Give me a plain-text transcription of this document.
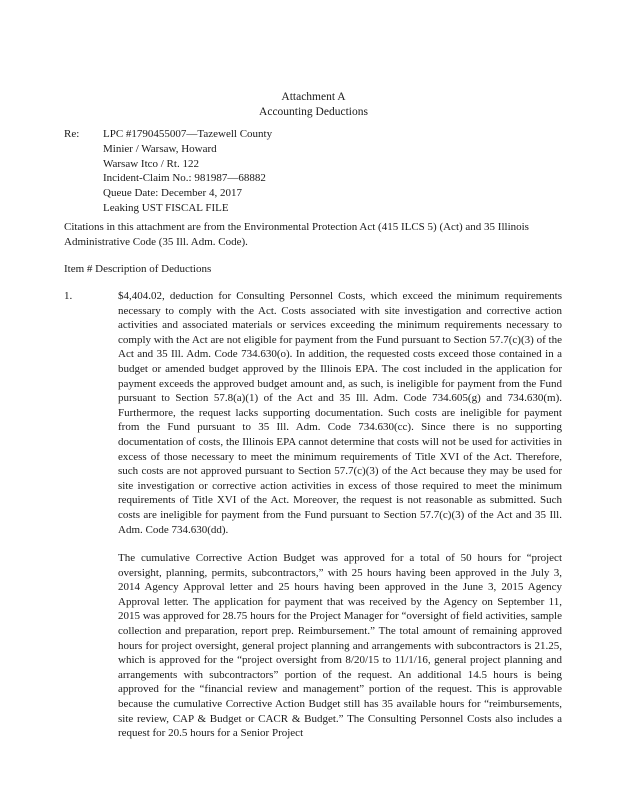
Attachment A
Accounting Deductions
Re: LPC #1790455007—Tazewell County
Minier / Warsaw, Howard
Warsaw Itco / Rt. 122
Incident-Claim No.: 981987—68882
Queue Date: December 4, 2017
Leaking UST FISCAL FILE
Citations in this attachment are from the Environmental Protection Act (415 ILCS 5) (Act) and 35 Illinois Administrative Code (35 Ill. Adm. Code).
Item # Description of Deductions
1.	$4,404.02, deduction for Consulting Personnel Costs, which exceed the minimum requirements necessary to comply with the Act. Costs associated with site investigation and corrective action activities and associated materials or services exceeding the minimum requirements necessary to comply with the Act are not eligible for payment from the Fund pursuant to Section 57.7(c)(3) of the Act and 35 Ill. Adm. Code 734.630(o). In addition, the requested costs exceed those contained in a budget or amended budget approved by the Illinois EPA. The cost included in the application for payment exceeds the approved budget amount and, as such, is ineligible for payment from the Fund pursuant to Section 57.8(a)(1) of the Act and 35 Ill. Adm. Code 734.605(g) and 734.630(m). Furthermore, the request lacks supporting documentation. Such costs are ineligible for payment from the Fund pursuant to 35 Ill. Adm. Code 734.630(cc). Since there is no supporting documentation of costs, the Illinois EPA cannot determine that costs will not be used for activities in excess of those necessary to meet the minimum requirements of Title XVI of the Act. Therefore, such costs are not approved pursuant to Section 57.7(c)(3) of the Act because they may be used for site investigation or corrective action activities in excess of those required to meet the minimum requirements of Title XVI of the Act. Moreover, the request is not reasonable as submitted. Such costs are ineligible for payment from the Fund pursuant to Section 57.7(c)(3) of the Act and 35 Ill. Adm. Code 734.630(dd).
The cumulative Corrective Action Budget was approved for a total of 50 hours for “project oversight, planning, permits, subcontractors,” with 25 hours having been approved in the July 3, 2014 Agency Approval letter and 25 hours having been approved in the June 3, 2015 Agency Approval letter. The application for payment that was received by the Agency on September 11, 2015 was approved for 28.75 hours for the Project Manager for “oversight of field activities, sample collection and preparation, report prep. Reimbursement.” The total amount of remaining approved hours for project oversight, general project planning and arrangements with subcontractors is 21.25, which is approved for the “project oversight from 8/20/15 to 11/1/16, general project planning and arrangements with subcontractors” portion of the request. An additional 14.5 hours is being approved for the “financial review and management” portion of the request. This is approvable because the cumulative Corrective Action Budget still has 35 available hours for “reimbursements, site review, CAP & Budget or CACR & Budget.” The Consulting Personnel Costs also includes a request for 20.5 hours for a Senior Project
